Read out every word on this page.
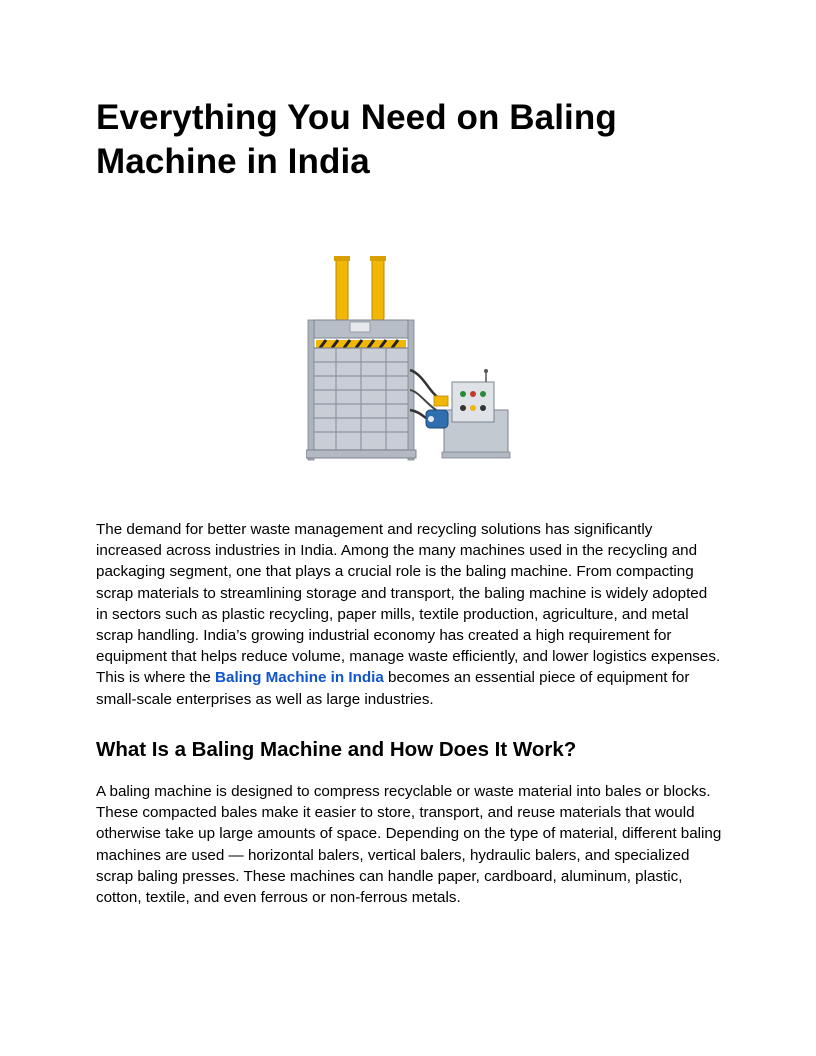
Everything You Need on Baling Machine in India

The demand for better waste management and recycling solutions has significantly increased across industries in India. Among the many machines used in the recycling and packaging segment, one that plays a crucial role is the baling machine. From compacting scrap materials to streamlining storage and transport, the baling machine is widely adopted in sectors such as plastic recycling, paper mills, textile production, agriculture, and metal scrap handling. India’s growing industrial economy has created a high requirement for equipment that helps reduce volume, manage waste efficiently, and lower logistics expenses. This is where the Baling Machine in India becomes an essential piece of equipment for small-scale enterprises as well as large industries.

What Is a Baling Machine and How Does It Work?

A baling machine is designed to compress recyclable or waste material into bales or blocks. These compacted bales make it easier to store, transport, and reuse materials that would otherwise take up large amounts of space. Depending on the type of material, different baling machines are used — horizontal balers, vertical balers, hydraulic balers, and specialized scrap baling presses. These machines can handle paper, cardboard, aluminum, plastic, cotton, textile, and even ferrous or non-ferrous metals.
